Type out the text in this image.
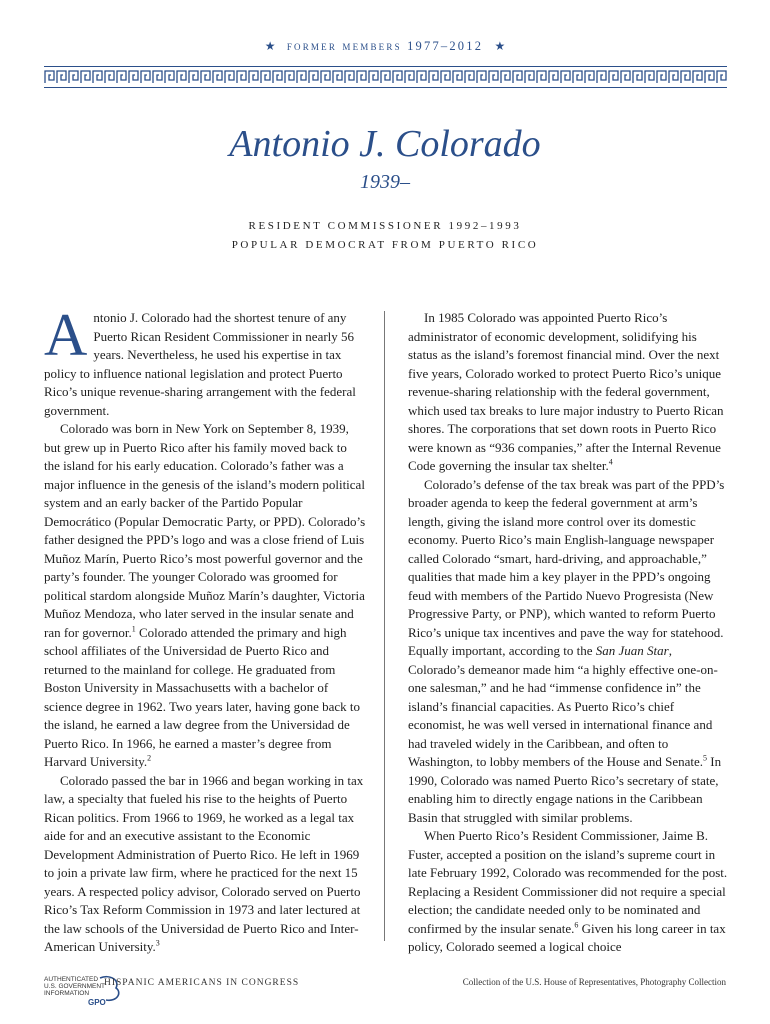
★ former members 1977–2012 ★
Antonio J. Colorado
1939–
RESIDENT COMMISSIONER 1992–1993
POPULAR DEMOCRAT FROM PUERTO RICO

Antonio J. Colorado had the shortest tenure of any Puerto Rican Resident Commissioner in nearly 56 years. Nevertheless, he used his expertise in tax policy to influence national legislation and protect Puerto Rico’s unique revenue-sharing arrangement with the federal government.

Colorado was born in New York on September 8, 1939, but grew up in Puerto Rico after his family moved back to the island for his early education. Colorado’s father was a major influence in the genesis of the island’s modern political system and an early backer of the Partido Popular Democrático (Popular Democratic Party, or PPD). Colorado’s father designed the PPD’s logo and was a close friend of Luis Muñoz Marín, Puerto Rico’s most powerful governor and the party’s founder. The younger Colorado was groomed for political stardom alongside Muñoz Marín’s daughter, Victoria Muñoz Mendoza, who later served in the insular senate and ran for governor.$^1$ Colorado attended the primary and high school affiliates of the Universidad de Puerto Rico and returned to the mainland for college. He graduated from Boston University in Massachusetts with a bachelor of science degree in 1962. Two years later, having gone back to the island, he earned a law degree from the Universidad de Puerto Rico. In 1966, he earned a master’s degree from Harvard University.$^2$

Colorado passed the bar in 1966 and began working in tax law, a specialty that fueled his rise to the heights of Puerto Rican politics. From 1966 to 1969, he worked as a legal tax aide for and an executive assistant to the Economic Development Administration of Puerto Rico. He left in 1969 to join a private law firm, where he practiced for the next 15 years. A respected policy advisor, Colorado served on Puerto Rico’s Tax Reform Commission in 1973 and later lectured at the law schools of the Universidad de Puerto Rico and Inter-American University.$^3$

In 1985 Colorado was appointed Puerto Rico’s administrator of economic development, solidifying his status as the island’s foremost financial mind. Over the next five years, Colorado worked to protect Puerto Rico’s unique revenue-sharing relationship with the federal government, which used tax breaks to lure major industry to Puerto Rican shores. The corporations that set down roots in Puerto Rico were known as “936 companies,” after the Internal Revenue Code governing the insular tax shelter.$^4$

Colorado’s defense of the tax break was part of the PPD’s broader agenda to keep the federal government at arm’s length, giving the island more control over its domestic economy. Puerto Rico’s main English-language newspaper called Colorado “smart, hard-driving, and approachable,” qualities that made him a key player in the PPD’s ongoing feud with members of the Partido Nuevo Progresista (New Progressive Party, or PNP), which wanted to reform Puerto Rico’s unique tax incentives and pave the way for statehood. Equally important, according to the San Juan Star, Colorado’s demeanor made him “a highly effective one-on-one salesman,” and he had “immense confidence in” the island’s financial capacities. As Puerto Rico’s chief economist, he was well versed in international finance and had traveled widely in the Caribbean, and often to Washington, to lobby members of the House and Senate.$^5$ In 1990, Colorado was named Puerto Rico’s secretary of state, enabling him to directly engage nations in the Caribbean Basin that struggled with similar problems.

When Puerto Rico’s Resident Commissioner, Jaime B. Fuster, accepted a position on the island’s supreme court in late February 1992, Colorado was recommended for the post. Replacing a Resident Commissioner did not require a special election; the candidate needed only to be nominated and confirmed by the insular senate.$^6$ Given his long career in tax policy, Colorado seemed a logical choice

AUTHENTICATED
U.S. GOVERNMENT
INFORMATION
GPO
HISPANIC AMERICANS IN CONGRESS	Collection of the U.S. House of Representatives, Photography Collection
